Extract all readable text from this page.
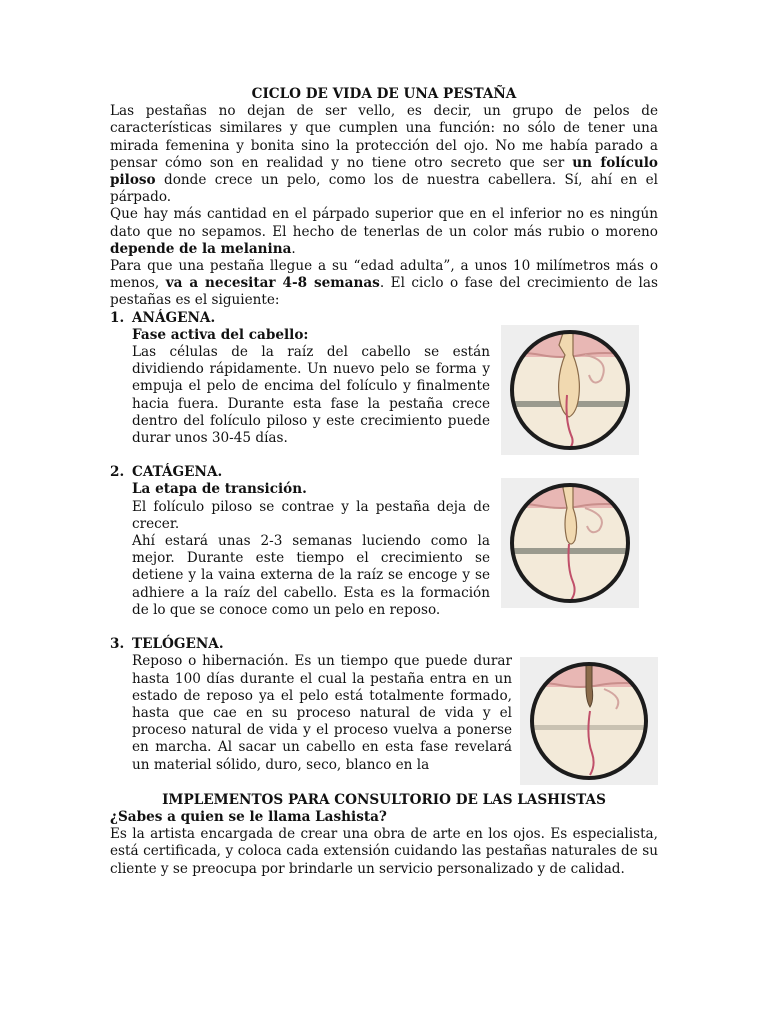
CICLO DE VIDA DE UNA PESTAÑA

Las pestañas no dejan de ser vello, es decir, un grupo de pelos de características similares y que cumplen una función: no sólo de tener una mirada femenina y bonita sino la protección del ojo. No me había parado a pensar cómo son en realidad y no tiene otro secreto que ser un folículo piloso donde crece un pelo, como los de nuestra cabellera. Sí, ahí en el párpado.

Que hay más cantidad en el párpado superior que en el inferior no es ningún dato que no sepamos. El hecho de tenerlas de un color más rubio o moreno depende de la melanina.

Para que una pestaña llegue a su “edad adulta”, a unos 10 milímetros más o menos, va a necesitar 4-8 semanas. El ciclo o fase del crecimiento de las pestañas es el siguiente:

1. ANÁGENA.
Fase activa del cabello:

Las células de la raíz del cabello se están dividiendo rápidamente. Un nuevo pelo se forma y empuja el pelo de encima del folículo y finalmente hacia fuera. Durante esta fase la pestaña crece dentro del folículo piloso y este crecimiento puede durar unos 30-45 días.

2. CATÁGENA.
La etapa de transición.

El folículo piloso se contrae y la pestaña deja de crecer.

Ahí estará unas 2-3 semanas luciendo como la mejor. Durante este tiempo el crecimiento se detiene y la vaina externa de la raíz se encoge y se adhiere a la raíz del cabello. Esta es la formación de lo que se conoce como un pelo en reposo.

3. TELÓGENA.

Reposo o hibernación. Es un tiempo que puede durar hasta 100 días durante el cual la pestaña entra en un estado de reposo ya el pelo está totalmente formado, hasta que cae en su proceso natural de vida y el proceso natural de vida y el proceso vuelva a ponerse en marcha. Al sacar un cabello en esta fase revelará un material sólido, duro, seco, blanco en la

IMPLEMENTOS PARA CONSULTORIO DE LAS LASHISTAS
¿Sabes a quien se le llama Lashista?

Es la artista encargada de crear una obra de arte en los ojos. Es especialista, está certificada, y coloca cada extensión cuidando las pestañas naturales de su cliente y se preocupa por brindarle un servicio personalizado y de calidad.
